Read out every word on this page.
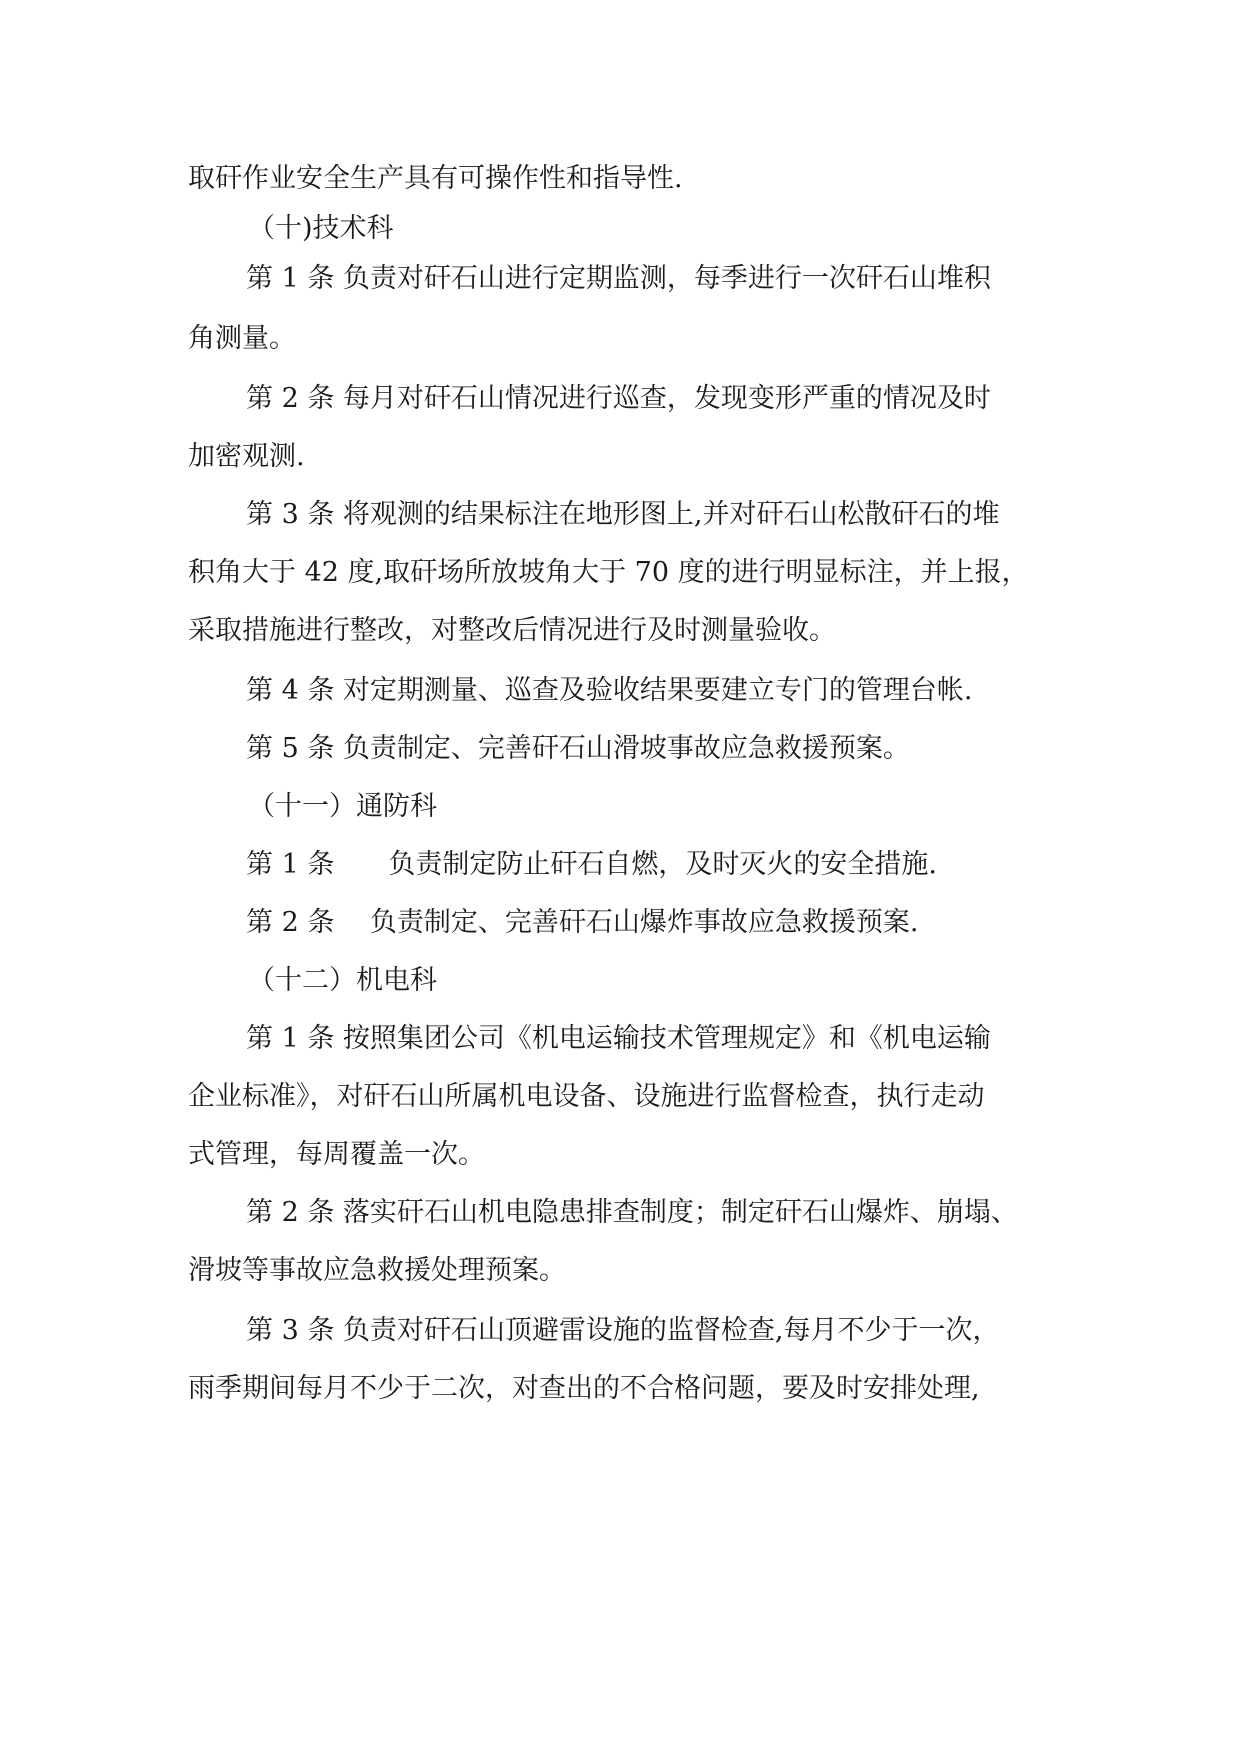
取矸作业安全生产具有可操作性和指导性.

（十)技术科

第 1 条 负责对矸石山进行定期监测，每季进行一次矸石山堆积

角测量。

第 2 条 每月对矸石山情况进行巡查，发现变形严重的情况及时

加密观测.

第 3 条 将观测的结果标注在地形图上,并对矸石山松散矸石的堆

积角大于 42 度,取矸场所放坡角大于 70 度的进行明显标注，并上报，

采取措施进行整改，对整改后情况进行及时测量验收。

第 4 条 对定期测量、巡查及验收结果要建立专门的管理台帐.

第 5 条 负责制定、完善矸石山滑坡事故应急救援预案。

（十一）通防科

第 1 条　　负责制定防止矸石自燃，及时灭火的安全措施.

第 2 条　 负责制定、完善矸石山爆炸事故应急救援预案.

（十二）机电科

第 1 条 按照集团公司《机电运输技术管理规定》和《机电运输

企业标准》，对矸石山所属机电设备、设施进行监督检查，执行走动

式管理，每周覆盖一次。

第 2 条 落实矸石山机电隐患排查制度；制定矸石山爆炸、崩塌、

滑坡等事故应急救援处理预案。

第 3 条 负责对矸石山顶避雷设施的监督检查,每月不少于一次，

雨季期间每月不少于二次，对查出的不合格问题，要及时安排处理,
